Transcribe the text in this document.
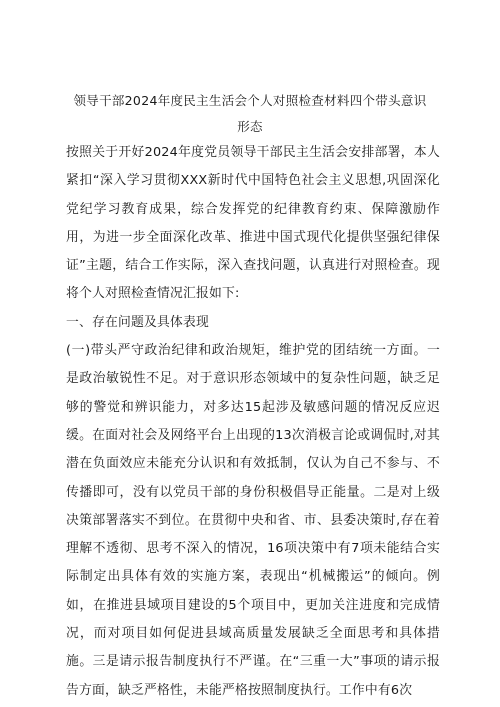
领导干部2024年度民主生活会个人对照检查材料四个带头意识
形态

按照关于开好2024年度党员领导干部民主生活会安排部署，本人紧扣“深入学习贯彻XXX新时代中国特色社会主义思想,巩固深化党纪学习教育成果，综合发挥党的纪律教育约束、保障激励作用，为进一步全面深化改革、推进中国式现代化提供坚强纪律保证”主题，结合工作实际，深入查找问题，认真进行对照检查。现将个人对照检查情况汇报如下:

一、存在问题及具体表现

(一)带头严守政治纪律和政治规矩，维护党的团结统一方面。一是政治敏锐性不足。对于意识形态领域中的复杂性问题，缺乏足够的警觉和辨识能力，对多达15起涉及敏感问题的情况反应迟缓。在面对社会及网络平台上出现的13次消极言论或调侃时,对其潜在负面效应未能充分认识和有效抵制，仅认为自己不参与、不传播即可，没有以党员干部的身份积极倡导正能量。二是对上级决策部署落实不到位。在贯彻中央和省、市、县委决策时,存在着理解不透彻、思考不深入的情况，16项决策中有7项未能结合实际制定出具体有效的实施方案，表现出“机械搬运”的倾向。例如，在推进县域项目建设的5个项目中，更加关注进度和完成情况，而对项目如何促进县域高质量发展缺乏全面思考和具体措施。三是请示报告制度执行不严谨。在“三重一大”事项的请示报告方面，缺乏严格性，未能严格按照制度执行。工作中有6次
